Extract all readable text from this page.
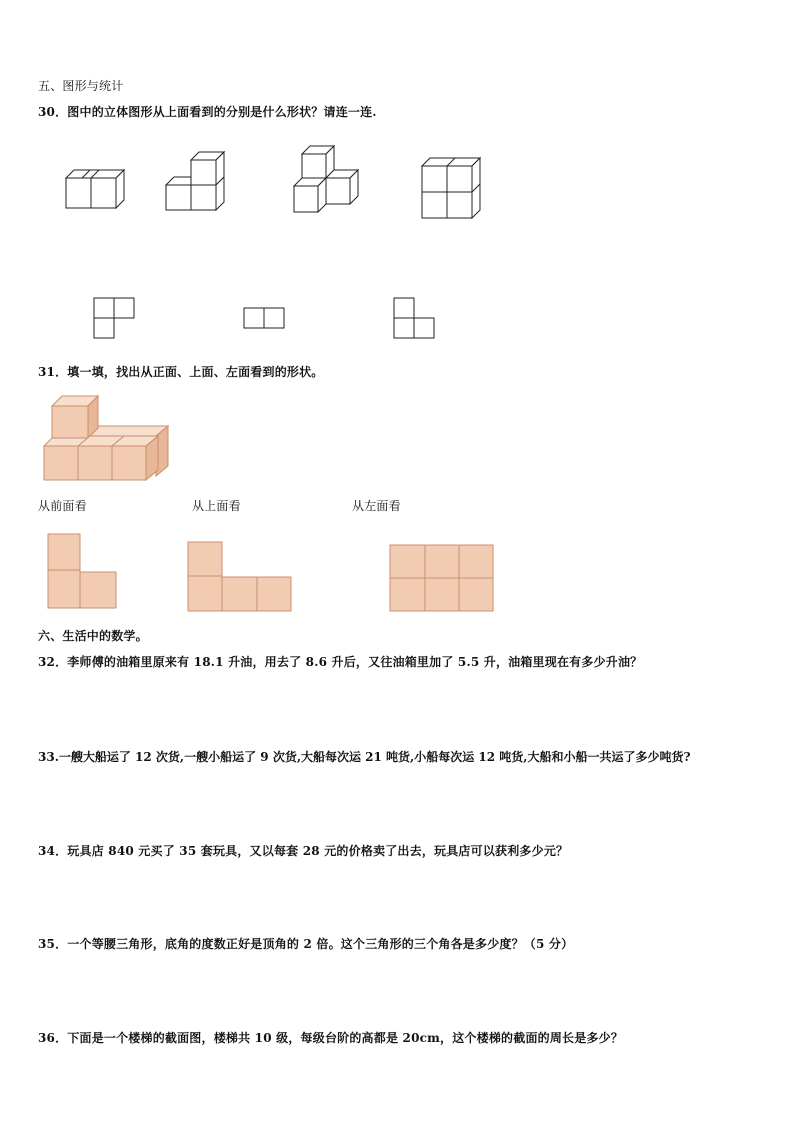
五、图形与统计
30．图中的立体图形从上面看到的分别是什么形状？请连一连.
31．填一填，找出从正面、上面、左面看到的形状。
从前面看	从上面看	从左面看
六、生活中的数学。
32．李师傅的油箱里原来有 18.1 升油，用去了 8.6 升后，又往油箱里加了 5.5 升，油箱里现在有多少升油？
33.一艘大船运了 12 次货,一艘小船运了 9 次货,大船每次运 21 吨货,小船每次运 12 吨货,大船和小船一共运了多少吨货?
34．玩具店 840 元买了 35 套玩具，又以每套 28 元的价格卖了出去，玩具店可以获利多少元？
35．一个等腰三角形，底角的度数正好是顶角的 2 倍。这个三角形的三个角各是多少度？（5 分）
36．下面是一个楼梯的截面图，楼梯共 10 级，每级台阶的高都是 20cm，这个楼梯的截面的周长是多少？
